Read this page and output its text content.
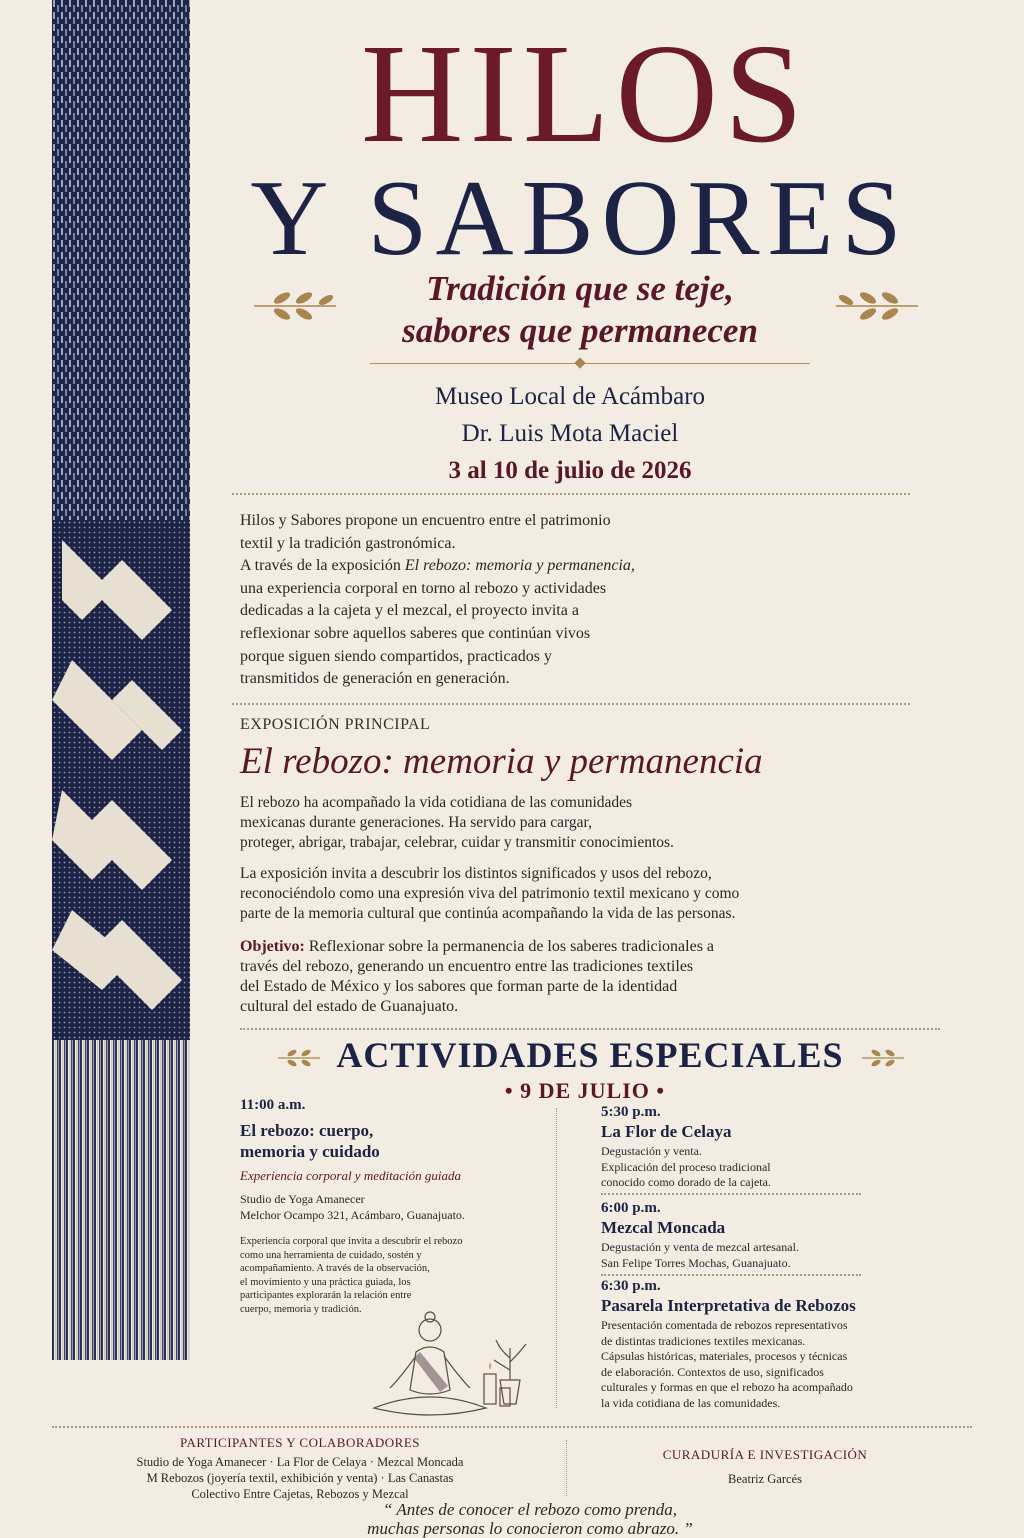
HILOS
Y SABORES
Tradición que se teje,
sabores que permanecen
Museo Local de Acámbaro
Dr. Luis Mota Maciel
3 al 10 de julio de 2026
Hilos y Sabores propone un encuentro entre el patrimonio
textil y la tradición gastronómica.
A través de la exposición El rebozo: memoria y permanencia,
una experiencia corporal en torno al rebozo y actividades
dedicadas a la cajeta y el mezcal, el proyecto invita a
reflexionar sobre aquellos saberes que continúan vivos
porque siguen siendo compartidos, practicados y
transmitidos de generación en generación.
EXPOSICIÓN PRINCIPAL
El rebozo: memoria y permanencia
El rebozo ha acompañado la vida cotidiana de las comunidades
mexicanas durante generaciones. Ha servido para cargar,
proteger, abrigar, trabajar, celebrar, cuidar y transmitir conocimientos.
La exposición invita a descubrir los distintos significados y usos del rebozo,
reconociéndolo como una expresión viva del patrimonio textil mexicano y como
parte de la memoria cultural que continúa acompañando la vida de las personas.
Objetivo: Reflexionar sobre la permanencia de los saberes tradicionales a
través del rebozo, generando un encuentro entre las tradiciones textiles
del Estado de México y los sabores que forman parte de la identidad
cultural del estado de Guanajuato.
ACTIVIDADES ESPECIALES
• 9 DE JULIO •
11:00 a.m.
El rebozo: cuerpo,
memoria y cuidado
Experiencia corporal y meditación guiada
Studio de Yoga Amanecer
Melchor Ocampo 321, Acámbaro, Guanajuato.
Experiencia corporal que invita a descubrir el rebozo
como una herramienta de cuidado, sostén y
acompañamiento. A través de la observación,
el movimiento y una práctica guiada, los
participantes explorarán la relación entre
cuerpo, memoria y tradición.
5:30 p.m.
La Flor de Celaya
Degustación y venta.
Explicación del proceso tradicional
conocido como dorado de la cajeta.
6:00 p.m.
Mezcal Moncada
Degustación y venta de mezcal artesanal.
San Felipe Torres Mochas, Guanajuato.
6:30 p.m.
Pasarela Interpretativa de Rebozos
Presentación comentada de rebozos representativos
de distintas tradiciones textiles mexicanas.
Cápsulas históricas, materiales, procesos y técnicas
de elaboración. Contextos de uso, significados
culturales y formas en que el rebozo ha acompañado
la vida cotidiana de las comunidades.
PARTICIPANTES Y COLABORADORES
Studio de Yoga Amanecer · La Flor de Celaya · Mezcal Moncada
M Rebozos (joyería textil, exhibición y venta) · Las Canastas
Colectivo Entre Cajetas, Rebozos y Mezcal
CURADURÍA E INVESTIGACIÓN
Beatriz Garcés
“ Antes de conocer el rebozo como prenda,
muchas personas lo conocieron como abrazo. ”
